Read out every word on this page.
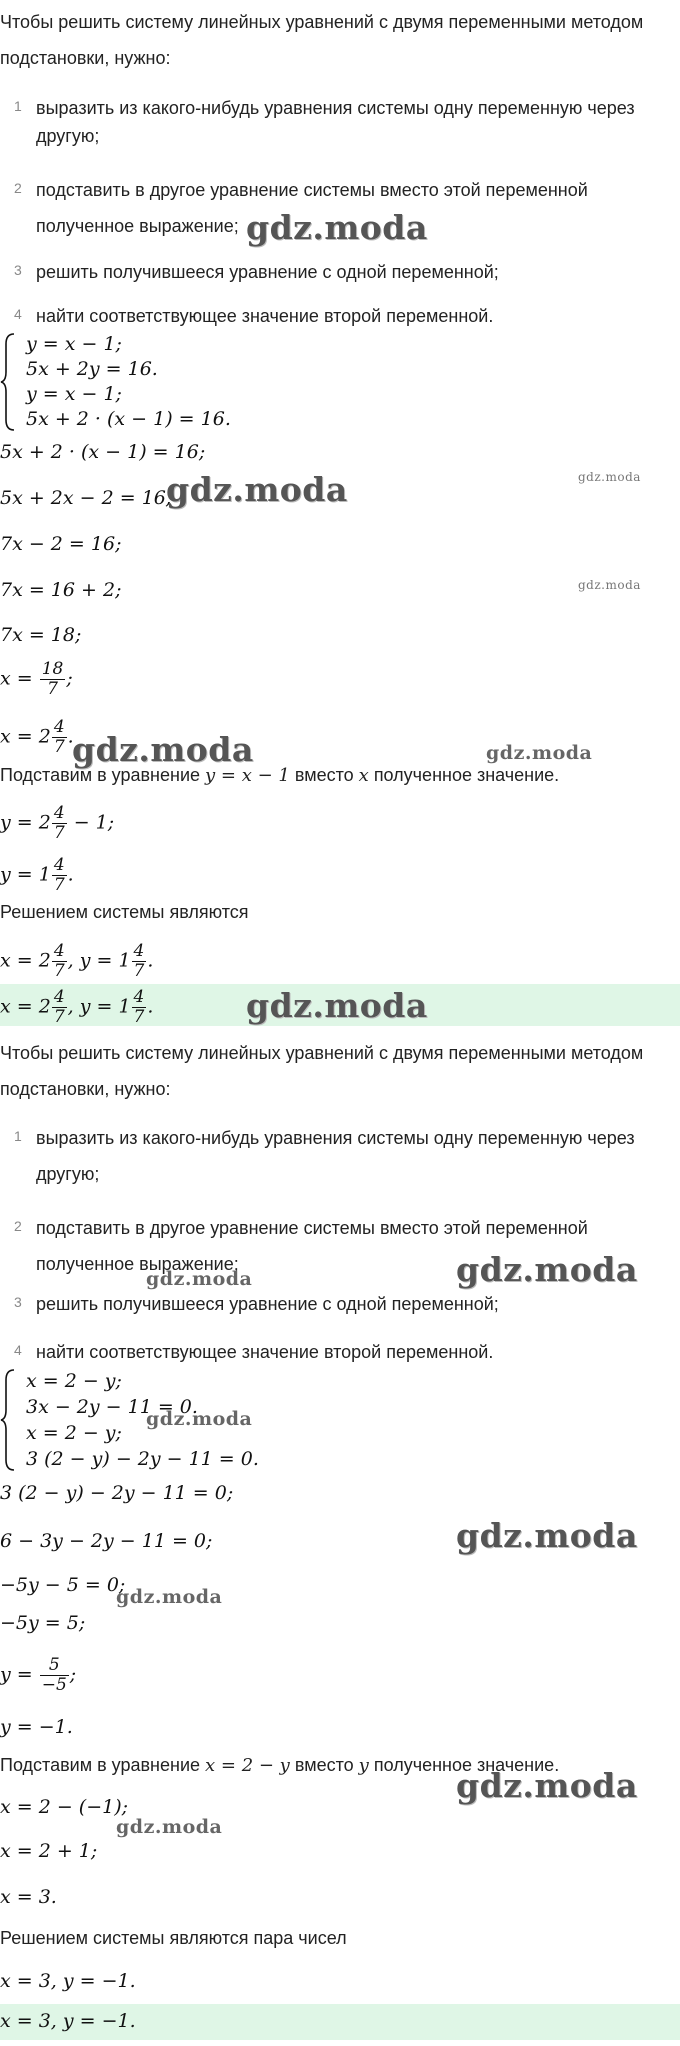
Чтобы решить систему линейных уравнений с двумя переменными методом
подстановки, нужно:
1 выразить из какого-нибудь уравнения системы одну переменную через
другую;
2 подставить в другое уравнение системы вместо этой переменной
полученное выражение;
3 решить получившееся уравнение с одной переменной;
4 найти соответствующее значение второй переменной.
y = x − 1;
5x + 2y = 16.
y = x − 1;
5x + 2 · (x − 1) = 16.
5x + 2 · (x − 1) = 16;
5x + 2x − 2 = 16;
7x − 2 = 16;
7x = 16 + 2;
7x = 18;
$x = \frac{18}{7}$ ;
$x = 2 \frac{4}{7}$ .
Подставим в уравнение y = x − 1 вместо x полученное значение.
$y = 2 \frac{4}{7} - 1$;
$y = 1 \frac{4}{7}$ .
Решением системы являются
$x = 2 \frac{4}{7}$ , $y = 1 \frac{4}{7}$ .
$x = 2 \frac{4}{7}$ , $y = 1 \frac{4}{7}$ .
Чтобы решить систему линейных уравнений с двумя переменными методом
подстановки, нужно:
1 выразить из какого-нибудь уравнения системы одну переменную через
другую;
2 подставить в другое уравнение системы вместо этой переменной
полученное выражение;
3 решить получившееся уравнение с одной переменной;
4 найти соответствующее значение второй переменной.
x = 2 − y;
3x − 2y − 11 = 0.
x = 2 − y;
3 (2 − y) − 2y − 11 = 0.
3 (2 − y) − 2y − 11 = 0;
6 − 3y − 2y − 11 = 0;
−5y − 5 = 0;
−5y = 5;
$y = \frac{5}{-5}$ ;
y = −1.
Подставим в уравнение x = 2 − y вместо y полученное значение.
x = 2 − (−1);
x = 2 + 1;
x = 3.
Решением системы являются пара чисел
x = 3, y = −1.
x = 3, y = −1.
gdz.moda
gdz.moda	gdz.moda
gdz.moda
gdz.moda	gdz.moda
gdz.moda
gdz.moda	gdz.moda
gdz.moda
gdz.moda
gdz.moda
gdz.moda
gdz.moda
